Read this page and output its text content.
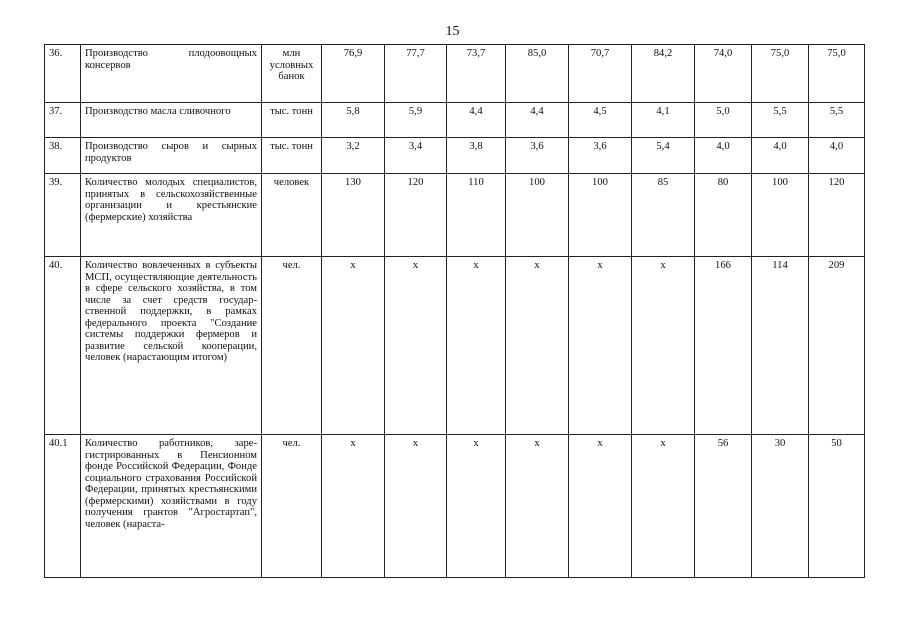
15
36.	Производство плодоовощных консервов	млн условных банок	76,9	77,7	73,7	85,0	70,7	84,2	74,0	75,0	75,0
37.	Производство масла сливочного	тыс. тонн	5,8	5,9	4,4	4,4	4,5	4,1	5,0	5,5	5,5
38.	Производство сыров и сырных продуктов	тыс. тонн	3,2	3,4	3,8	3,6	3,6	5,4	4,0	4,0	4,0
39.	Количество молодых специалистов, принятых в сельскохозяйственные организации и крестьянские (фермерские) хозяйства	человек	130	120	110	100	100	85	80	100	120
40.	Количество вовлеченных в субъекты МСП, осуществляющие деятельность в сфере сельского хозяйства, в том числе за счет средств государственной поддержки, в рамках федерального проекта "Создание системы поддержки фермеров и развитие сельской кооперации, человек (нарастающим итогом)	чел.	х	х	х	х	х	х	166	114	209
40.1	Количество работников, зарегистрированных в Пенсионном фонде Российской Федерации, Фонде социального страхования Российской Федерации, принятых крестьянскими (фермерскими) хозяйствами в году получения грантов "Агростартап", человек (нараста-	чел.	х	х	х	х	х	х	56	30	50
